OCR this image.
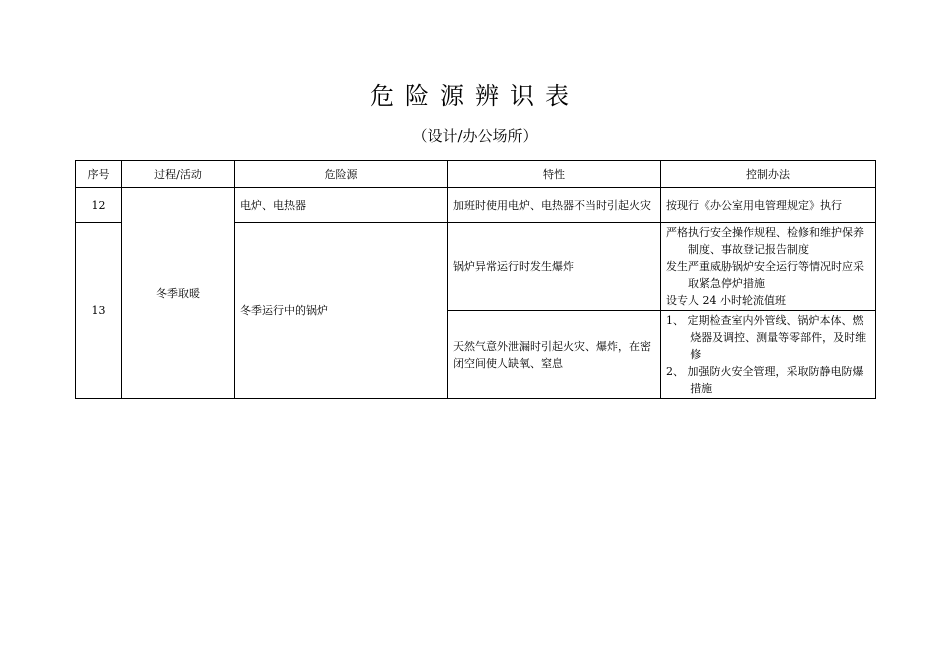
危险源辨识表
（设计/办公场所）
序号	过程/活动	危险源	特性	控制办法
12	冬季取暖	电炉、电热器	加班时使用电炉、电热器不当时引起火灾	按现行《办公室用电管理规定》执行
13		冬季运行中的锅炉	锅炉异常运行时发生爆炸	严格执行安全操作规程、检修和维护保养制度、事故登记报告制度
发生严重威胁锅炉安全运行等情况时应采取紧急停炉措施
设专人 24 小时轮流值班

			天然气意外泄漏时引起火灾、爆炸，在密闭空间使人缺氧、窒息	1、 定期检查室内外管线、锅炉本体、燃烧器及调控、测量等零部件，及时维修
2、 加强防火安全管理，采取防静电防爆措施
